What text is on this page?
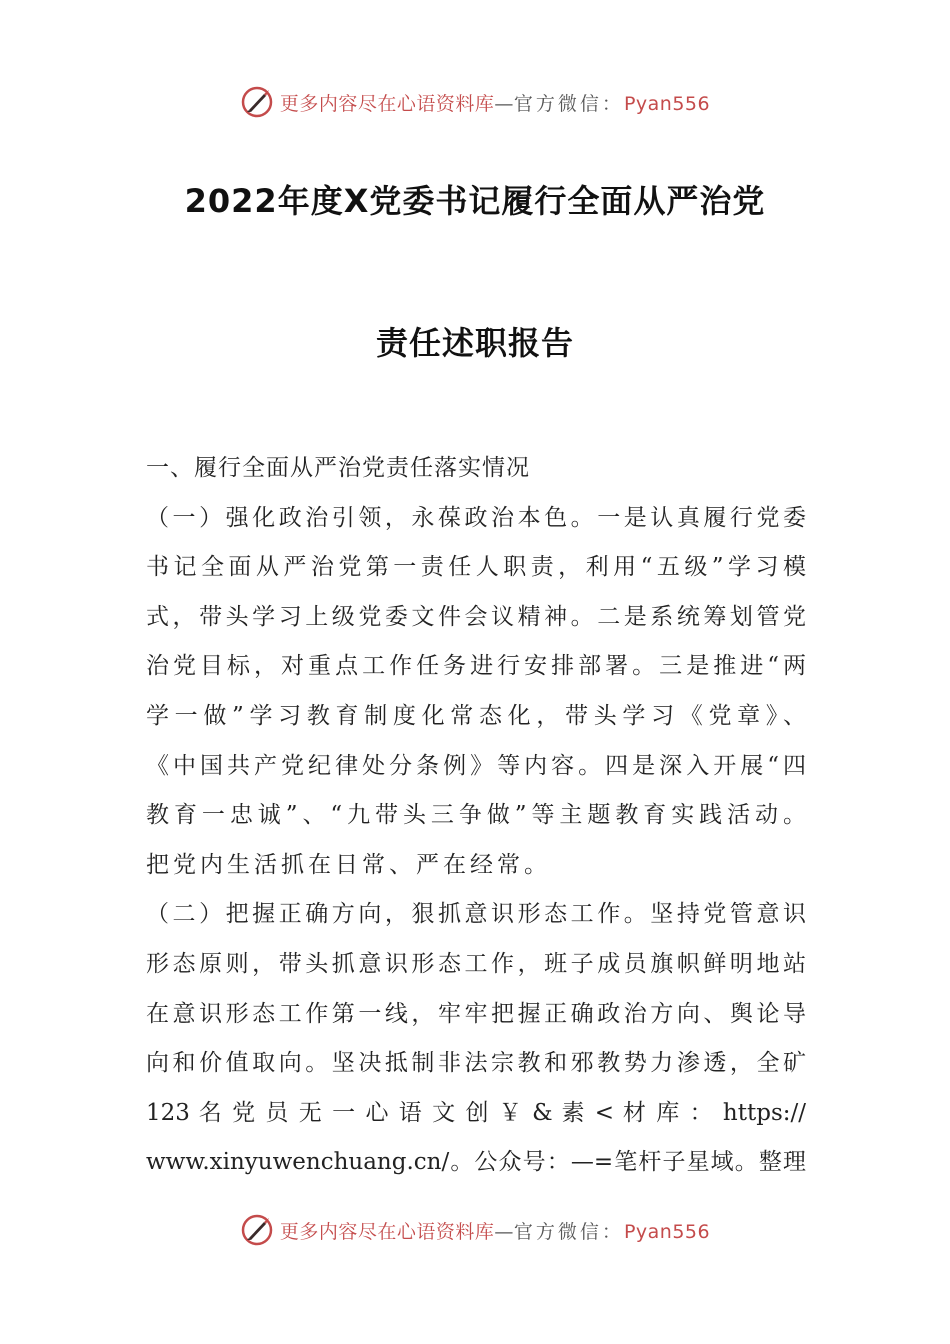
更多内容尽在心语资料库—官方微信：Pyan556
2022年度X党委书记履行全面从严治党
责任述职报告
一、履行全面从严治党责任落实情况
（一）强化政治引领，永葆政治本色。一是认真履行党委
书记全面从严治党第一责任人职责，利用“五级”学习模
式，带头学习上级党委文件会议精神。二是系统筹划管党
治党目标，对重点工作任务进行安排部署。三是推进“两
学一做”学习教育制度化常态化，带头学习《党章》、
《中国共产党纪律处分条例》等内容。四是深入开展“四
教育一忠诚”、“九带头三争做”等主题教育实践活动。
把党内生活抓在日常、严在经常。
（二）把握正确方向，狠抓意识形态工作。坚持党管意识
形态原则，带头抓意识形态工作，班子成员旗帜鲜明地站
在意识形态工作第一线，牢牢把握正确政治方向、舆论导
向和价值取向。坚决抵制非法宗教和邪教势力渗透，全矿
123 名 党 员 无 一 心 语 文 创 ￥ & 素 < 材 库 ： https://
www.xinyuwenchuang.cn/。公众号：—=笔杆子星域。整理
更多内容尽在心语资料库—官方微信：Pyan556
